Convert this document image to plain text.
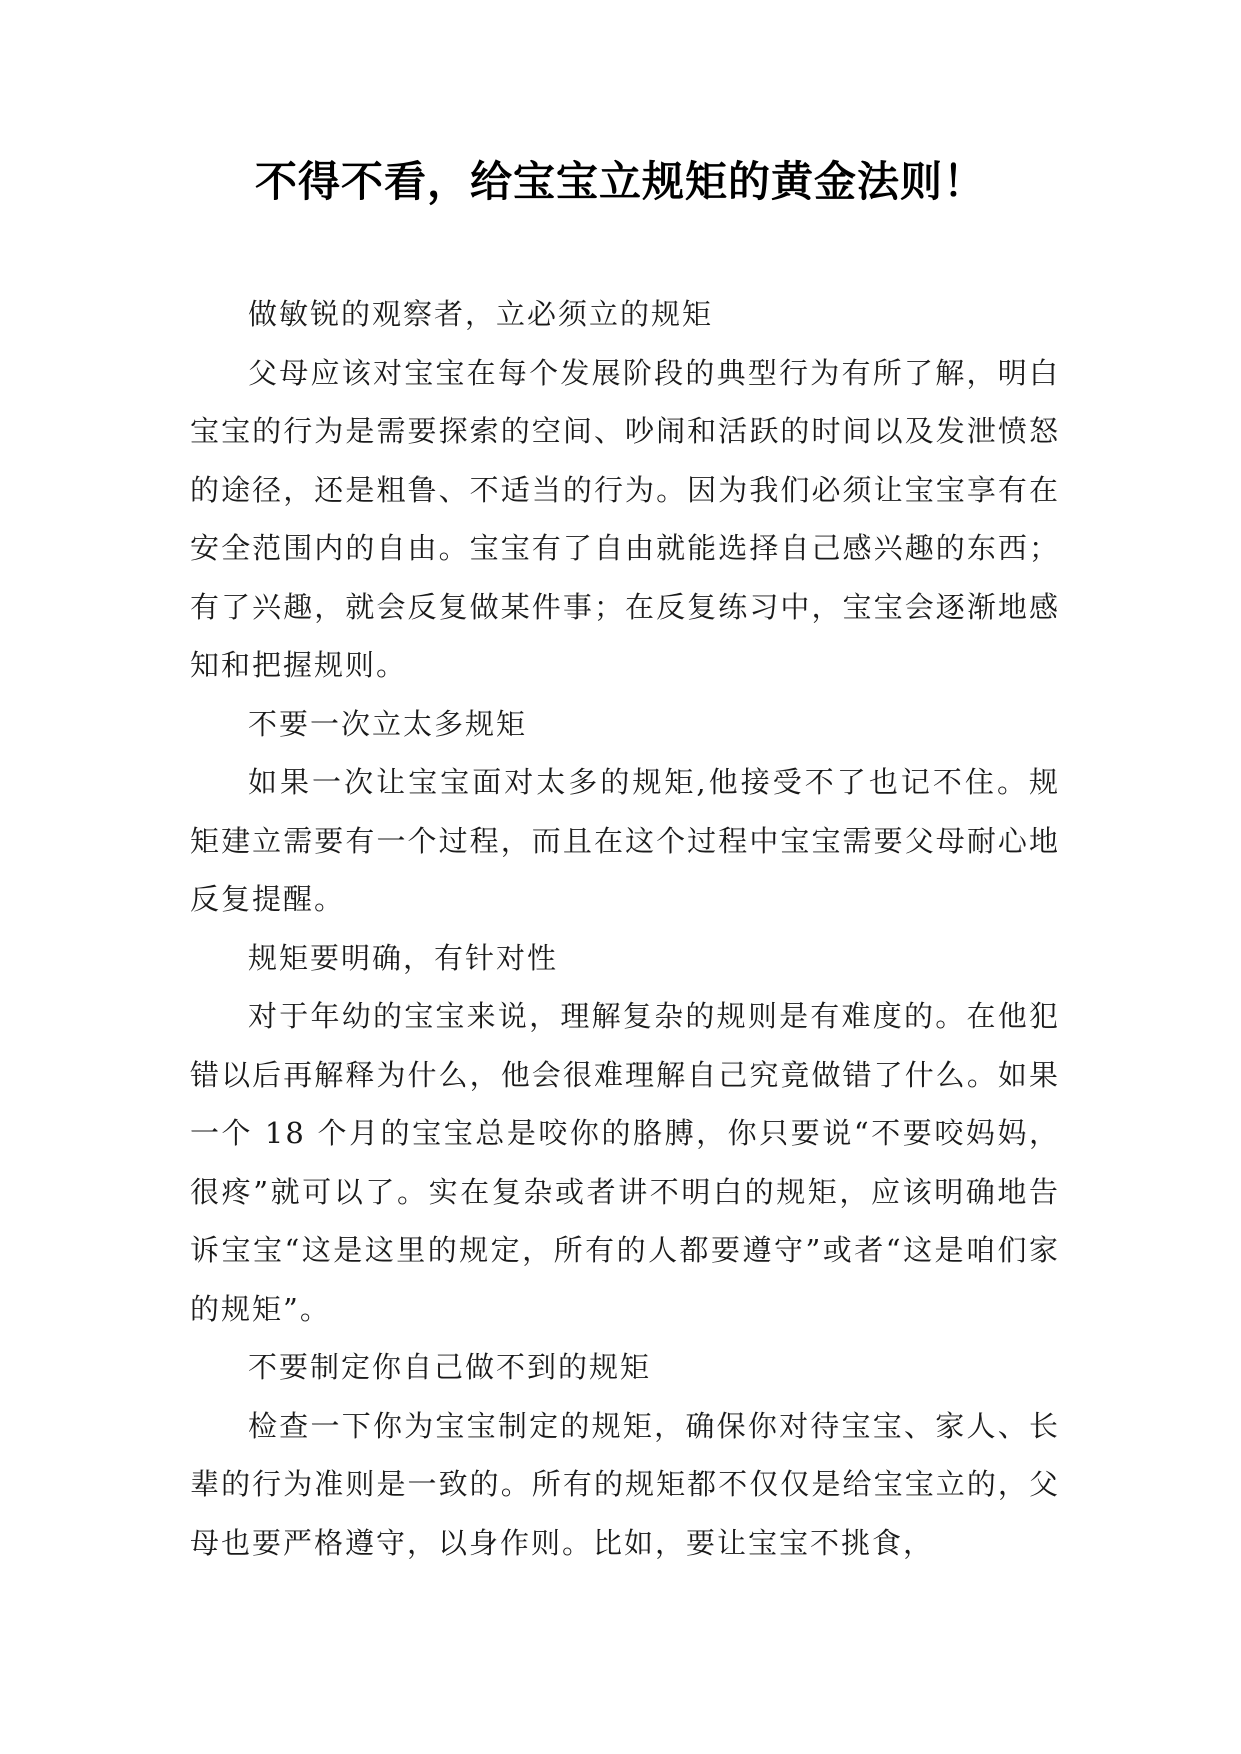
不得不看，给宝宝立规矩的黄金法则！

做敏锐的观察者，立必须立的规矩

父母应该对宝宝在每个发展阶段的典型行为有所了解，明白宝宝的行为是需要探索的空间、吵闹和活跃的时间以及发泄愤怒的途径，还是粗鲁、不适当的行为。因为我们必须让宝宝享有在安全范围内的自由。宝宝有了自由就能选择自己感兴趣的东西；有了兴趣，就会反复做某件事；在反复练习中，宝宝会逐渐地感知和把握规则。

不要一次立太多规矩

如果一次让宝宝面对太多的规矩,他接受不了也记不住。规矩建立需要有一个过程，而且在这个过程中宝宝需要父母耐心地反复提醒。

规矩要明确，有针对性

对于年幼的宝宝来说，理解复杂的规则是有难度的。在他犯错以后再解释为什么，他会很难理解自己究竟做错了什么。如果一个 18 个月的宝宝总是咬你的胳膊，你只要说“不要咬妈妈，很疼”就可以了。实在复杂或者讲不明白的规矩，应该明确地告诉宝宝“这是这里的规定，所有的人都要遵守”或者“这是咱们家的规矩”。

不要制定你自己做不到的规矩

检查一下你为宝宝制定的规矩，确保你对待宝宝、家人、长辈的行为准则是一致的。所有的规矩都不仅仅是给宝宝立的，父母也要严格遵守，以身作则。比如，要让宝宝不挑食，
